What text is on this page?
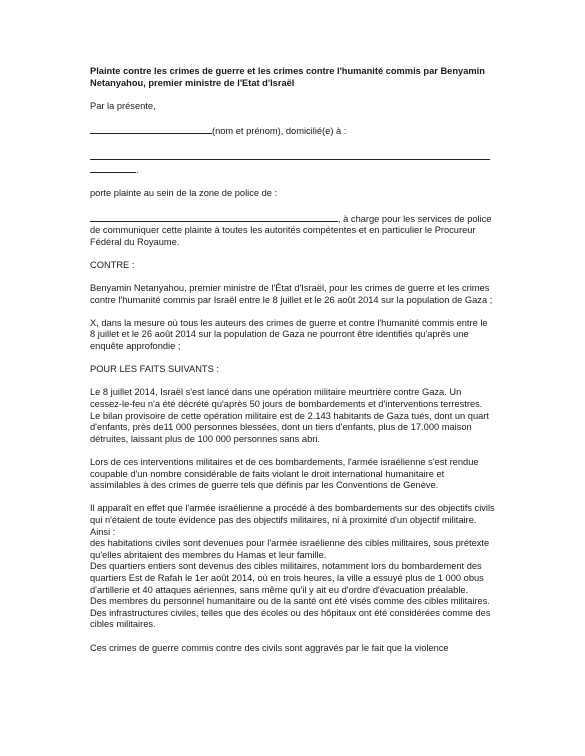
Plainte contre les crimes de guerre et les crimes contre l'humanité commis par Benyamin Netanyahou, premier ministre de l'Etat d'Israël

Par la présente,

(nom et prénom), domicilié(e) à :

.

porte plainte au sein de la zone de police de :

, à charge pour les services de police de communiquer cette plainte à toutes les autorités compétentes et en particulier le Procureur Fédéral du Royaume.

CONTRE :

Benyamin Netanyahou, premier ministre de l'État d'Israël, pour les crimes de guerre et les crimes contre l'humanité commis par Israël entre le 8 juillet et le 26 août 2014 sur la population de Gaza ;

X, dans la mesure où tous les auteurs des crimes de guerre et contre l'humanité commis entre le 8 juillet et le 26 août 2014 sur la population de Gaza ne pourront être identifiés qu'après une enquête approfondie ;

POUR LES FAITS SUIVANTS :

Le 8 juillet 2014, Israël s'est lancé dans une opération militaire meurtrière contre Gaza. Un cessez-le-feu n'a été décrété qu'après 50 jours de bombardements et d'interventions terrestres. Le bilan provisoire de cette opération militaire est de 2.143 habitants de Gaza tués, dont un quart d'enfants, près de11 000 personnes blessées, dont un tiers d'enfants, plus de 17.000 maison détruites, laissant plus de 100 000 personnes sans abri.

Lors de ces interventions militaires et de ces bombardements, l'armée israélienne s'est rendue coupable d'un nombre considérable de faits violant le droit international humanitaire et assimilables à des crimes de guerre tels que définis par les Conventions de Genève.

Il apparaît en effet que l'armée israélienne a procédé à des bombardements sur des objectifs civils qui n'étaient de toute évidence pas des objectifs militaires, ni à proximité d'un objectif militaire. Ainsi :
des habitations civiles sont devenues pour l'armée israélienne des cibles militaires, sous prétexte qu'elles abritaient des membres du Hamas et leur famille.
Des quartiers entiers sont devenus des cibles militaires, notamment lors du bombardement des quartiers Est de Rafah le 1er août 2014, où en trois heures, la ville a essuyé plus de 1 000 obus d'artillerie et 40 attaques aériennes, sans même qu'il y ait eu d'ordre d'évacuation préalable.
Des membres du personnel humanitaire ou de la santé ont été visés comme des cibles militaires.
Des infrastructures civiles, telles que des écoles ou des hôpitaux ont été considérées comme des cibles militaires.

Ces crimes de guerre commis contre des civils sont aggravés par le fait que la violence
